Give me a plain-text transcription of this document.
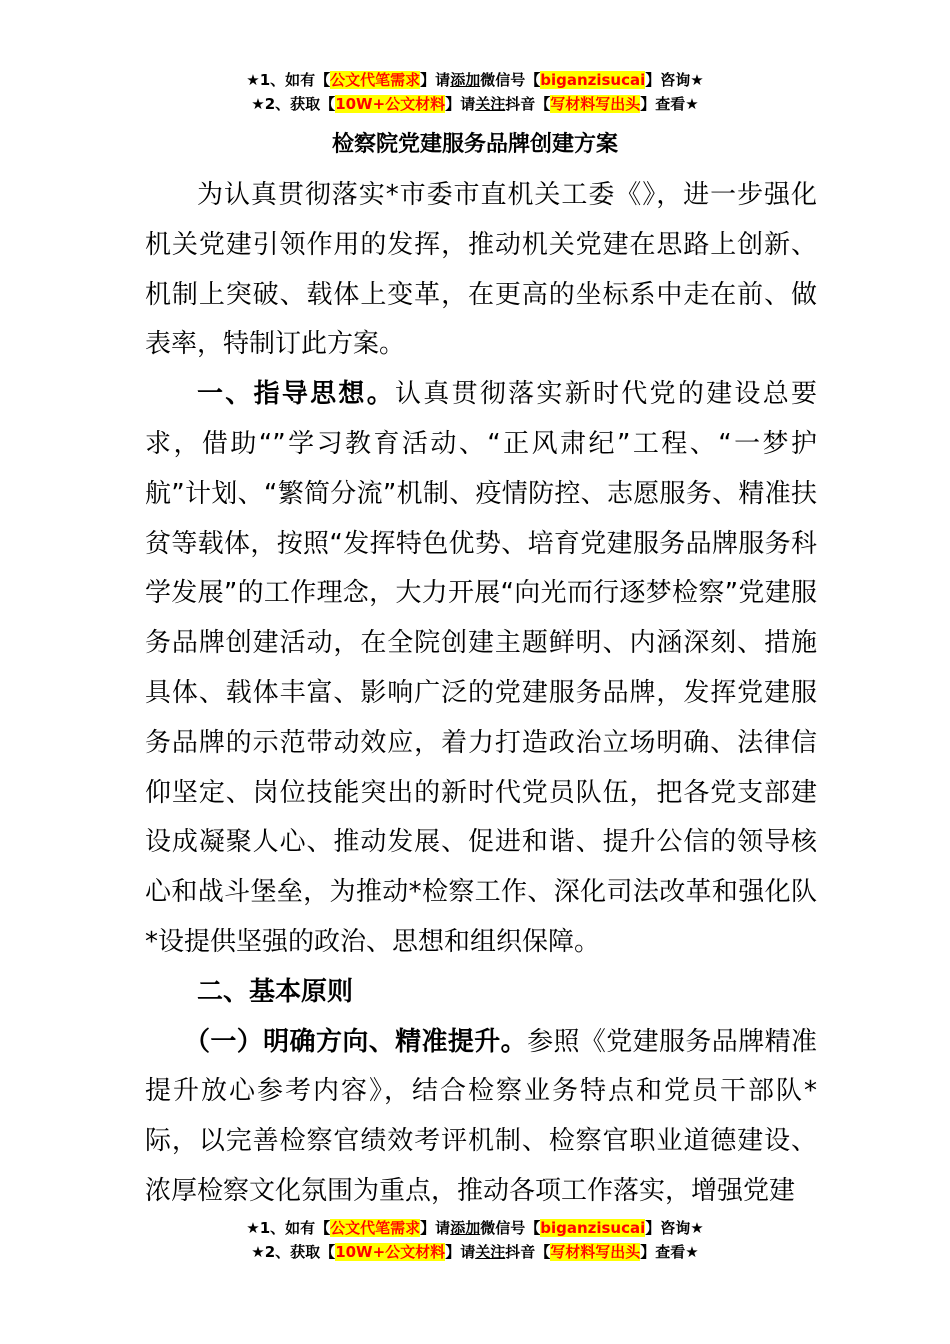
★1、如有【公文代笔需求】请添加微信号【biganzisucai】咨询★
★2、获取【10W+公文材料】请关注抖音【写材料写出头】查看★
检察院党建服务品牌创建方案

为认真贯彻落实*市委市直机关工委《》，进一步强化机关党建引领作用的发挥，推动机关党建在思路上创新、机制上突破、载体上变革，在更高的坐标系中走在前、做表率，特制订此方案。

一、指导思想。认真贯彻落实新时代党的建设总要求，借助“”学习教育活动、“正风肃纪”工程、“一梦护航”计划、“繁简分流”机制、疫情防控、志愿服务、精准扶贫等载体，按照“发挥特色优势、培育党建服务品牌服务科学发展”的工作理念，大力开展“向光而行逐梦检察”党建服务品牌创建活动，在全院创建主题鲜明、内涵深刻、措施具体、载体丰富、影响广泛的党建服务品牌，发挥党建服务品牌的示范带动效应，着力打造政治立场明确、法律信仰坚定、岗位技能突出的新时代党员队伍，把各党支部建设成凝聚人心、推动发展、促进和谐、提升公信的领导核心和战斗堡垒，为推动*检察工作、深化司法改革和强化队*设提供坚强的政治、思想和组织保障。

二、基本原则

（一）明确方向、精准提升。参照《党建服务品牌精准提升放心参考内容》，结合检察业务特点和党员干部队*际，以完善检察官绩效考评机制、检察官职业道德建设、浓厚检察文化氛围为重点，推动各项工作落实，增强党建

★1、如有【公文代笔需求】请添加微信号【biganzisucai】咨询★
★2、获取【10W+公文材料】请关注抖音【写材料写出头】查看★
